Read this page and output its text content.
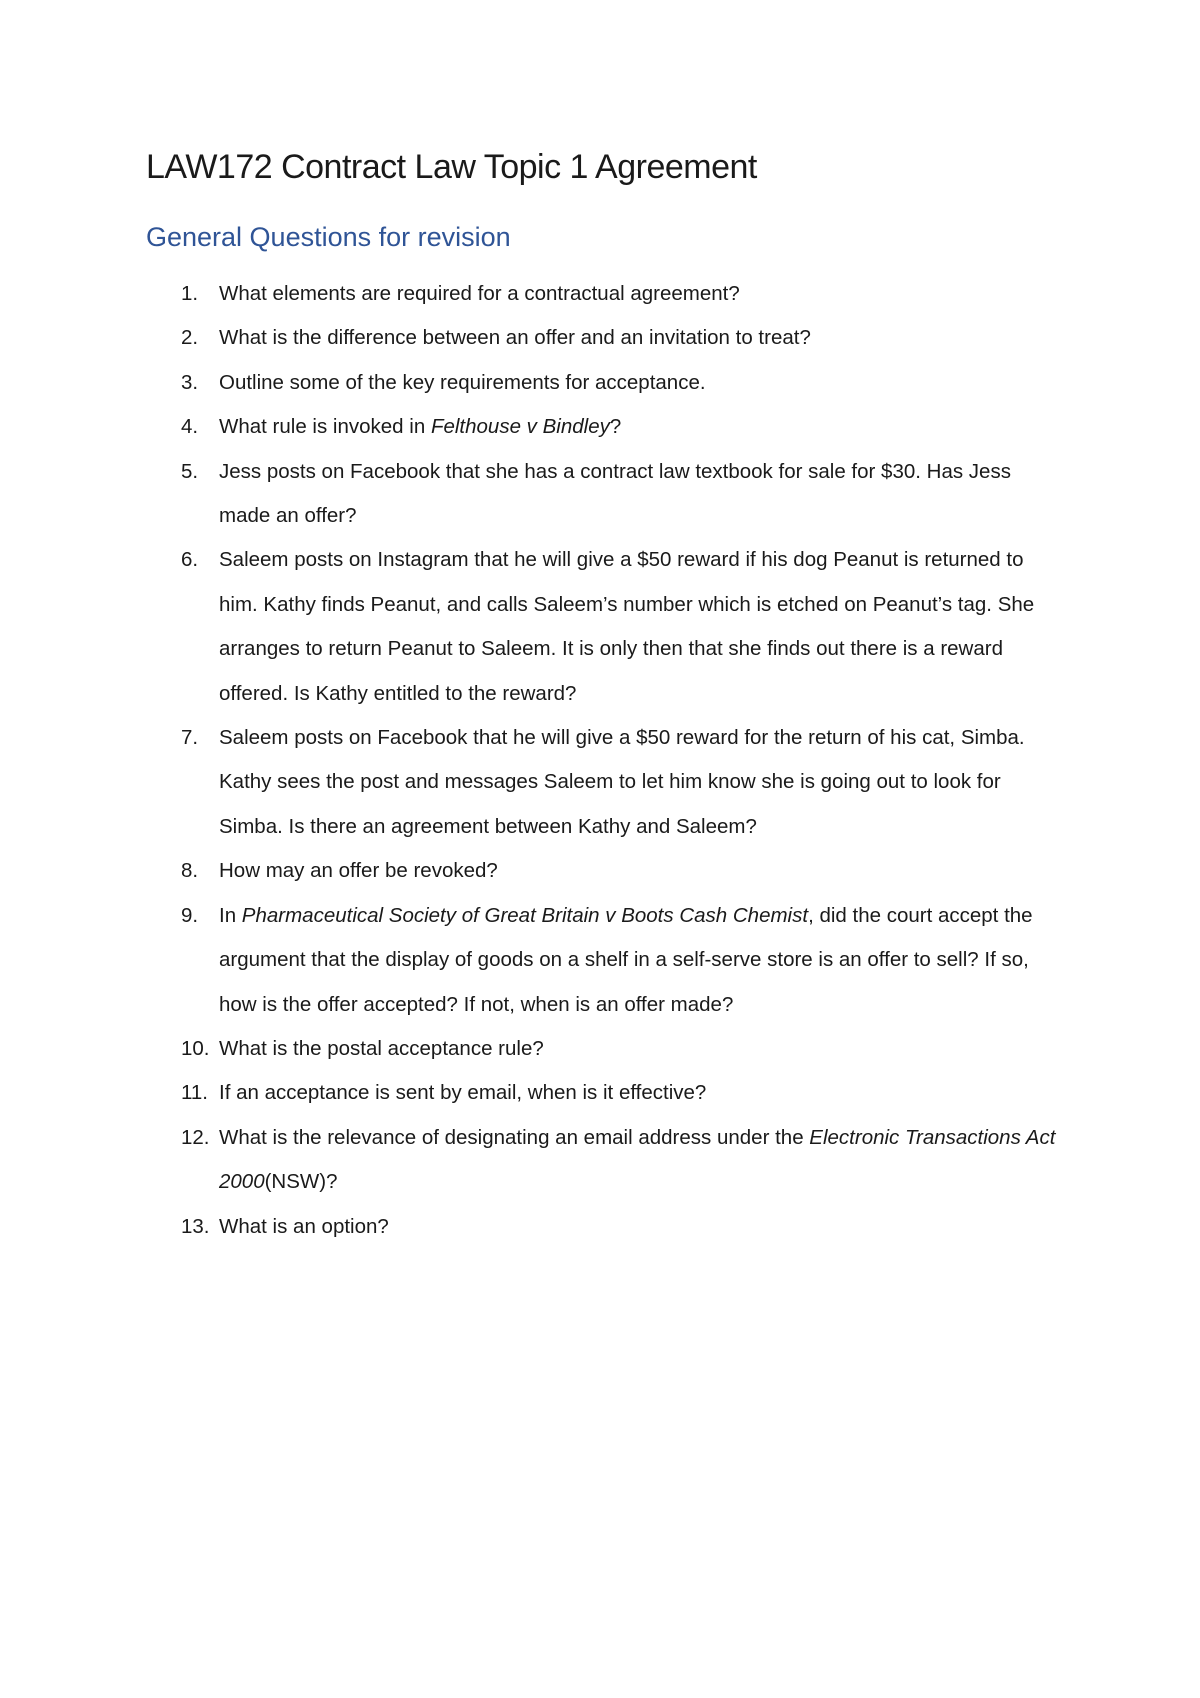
LAW172 Contract Law Topic 1 Agreement
General Questions for revision
1. What elements are required for a contractual agreement?
2. What is the difference between an offer and an invitation to treat?
3. Outline some of the key requirements for acceptance.
4. What rule is invoked in Felthouse v Bindley?
5. Jess posts on Facebook that she has a contract law textbook for sale for $30. Has Jess made an offer?
6. Saleem posts on Instagram that he will give a $50 reward if his dog Peanut is returned to him. Kathy finds Peanut, and calls Saleem’s number which is etched on Peanut’s tag. She arranges to return Peanut to Saleem. It is only then that she finds out there is a reward offered. Is Kathy entitled to the reward?
7. Saleem posts on Facebook that he will give a $50 reward for the return of his cat, Simba. Kathy sees the post and messages Saleem to let him know she is going out to look for Simba. Is there an agreement between Kathy and Saleem?
8. How may an offer be revoked?
9. In Pharmaceutical Society of Great Britain v Boots Cash Chemist, did the court accept the argument that the display of goods on a shelf in a self-serve store is an offer to sell? If so, how is the offer accepted? If not, when is an offer made?
10. What is the postal acceptance rule?
11. If an acceptance is sent by email, when is it effective?
12. What is the relevance of designating an email address under the Electronic Transactions Act 2000(NSW)?
13. What is an option?
